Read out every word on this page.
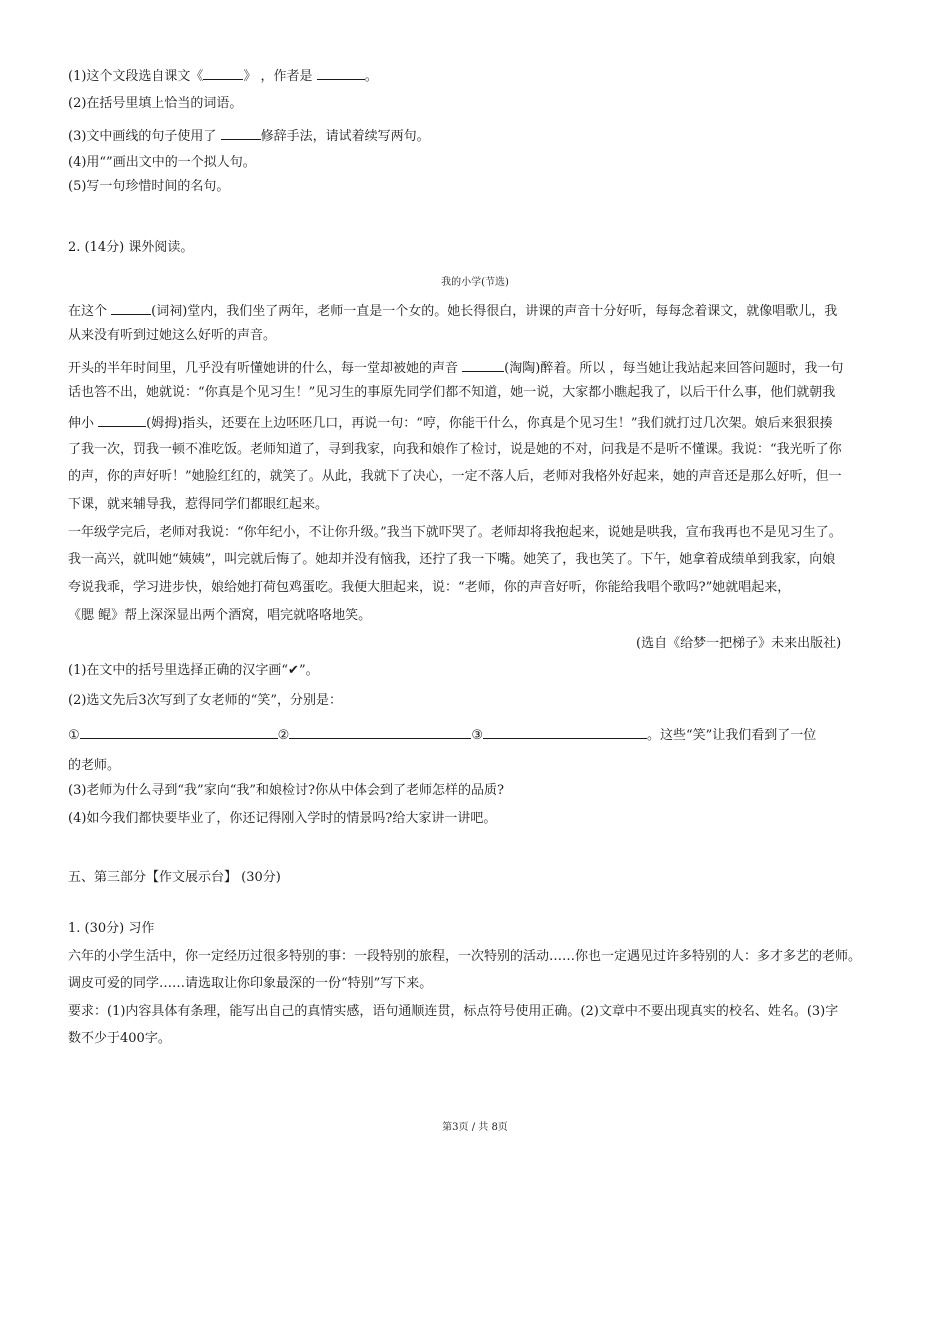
(1)这个文段选自课文《	》 ，作者是	。
(2)在括号里填上恰当的词语。
(3)文中画线的句子使用了	修辞手法，请试着续写两句。
(4)用“”画出文中的一个拟人句。
(5)写一句珍惜时间的名句。
2. (14分) 课外阅读。
我的小学(节选)
在这个	(词祠)堂内，我们坐了两年，老师一直是一个女的。她长得很白，讲课的声音十分好听，每每念着课文，就像唱歌儿，我
从来没有听到过她这么好听的声音。
开头的半年时间里，几乎没有听懂她讲的什么，每一堂却被她的声音	(淘陶)醉着。所以 ，每当她让我站起来回答问题时，我一句
话也答不出，她就说：“你真是个见习生！”见习生的事原先同学们都不知道，她一说，大家都小瞧起我了，以后干什么事，他们就朝我
伸小	(姆拇)指头，还要在上边呸呸几口，再说一句：“哼，你能干什么，你真是个见习生！”我们就打过几次架。娘后来狠狠揍
了我一次，罚我一顿不准吃饭。老师知道了，寻到我家，向我和娘作了检讨，说是她的不对，问我是不是听不懂课。我说：“我光听了你
的声，你的声好听！”她脸红红的，就笑了。从此，我就下了决心，一定不落人后，老师对我格外好起来，她的声音还是那么好听，但一
下课，就来辅导我，惹得同学们都眼红起来。
一年级学完后，老师对我说：“你年纪小，不让你升级。”我当下就吓哭了。老师却将我抱起来，说她是哄我，宣布我再也不是见习生了。
我一高兴，就叫她“姨姨”，叫完就后悔了。她却并没有恼我，还拧了我一下嘴。她笑了，我也笑了。下午，她拿着成绩单到我家，向娘
夸说我乖，学习进步快，娘给她打荷包鸡蛋吃。我便大胆起来，说：“老师，你的声音好听，你能给我唱个歌吗?”她就唱起来，
《腮 鲲》帮上深深显出两个酒窝，唱完就咯咯地笑。
(选自《给梦一把梯子》未来出版社)
(1)在文中的括号里选择正确的汉字画“✔”。
(2)选文先后3次写到了女老师的“笑”，分别是：
①	②	③	。这些“笑”让我们看到了一位
的老师。
(3)老师为什么寻到“我”家向“我”和娘检讨?你从中体会到了老师怎样的品质?
(4)如今我们都快要毕业了，你还记得刚入学时的情景吗?给大家讲一讲吧。
五、第三部分【作文展示台】 (30分)
1. (30分) 习作
六年的小学生活中，你一定经历过很多特别的事：一段特别的旅程，一次特别的活动……你也一定遇见过许多特别的人：多才多艺的老师。
调皮可爱的同学……请选取让你印象最深的一份“特别”写下来。
要求：(1)内容具体有条理，能写出自己的真情实感，语句通顺连贯，标点符号使用正确。(2)文章中不要出现真实的校名、姓名。(3)字
数不少于400字。
第3页 / 共 8页
